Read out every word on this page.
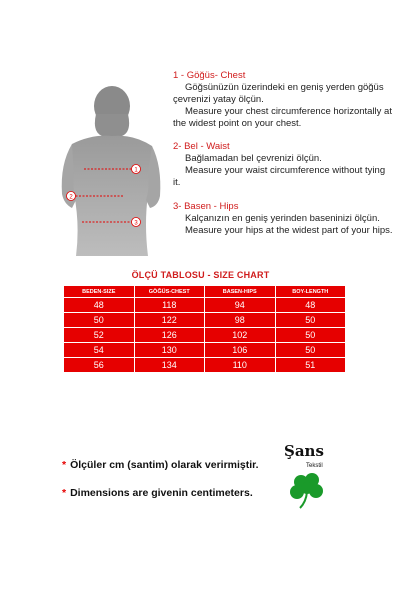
1
2
3
1 - Göğüs- Chest
Göğsünüzün üzerindeki en geniş yerden göğüs çevrenizi yatay ölçün.
Measure your chest circumference horizontally at the widest point on your chest.
2- Bel - Waist
Bağlamadan bel çevrenizi ölçün.
Measure your waist circumference without tying it.
3- Basen - Hips
Kalçanızın en geniş yerinden baseninizi ölçün.
Measure your hips at the widest part of your hips.
ÖLÇÜ TABLOSU - SIZE CHART
BEDEN-SIZE	GÖĞÜS-CHEST	BASEN-HIPS	BOY-LENGTH
48	118	94	48
50	122	98	50
52	126	102	50
54	130	106	50
56	134	110	51
* Ölçüler cm (santim) olarak verirmiştir.
* Dimensions are givenin centimeters.
Şans
Tekstil
